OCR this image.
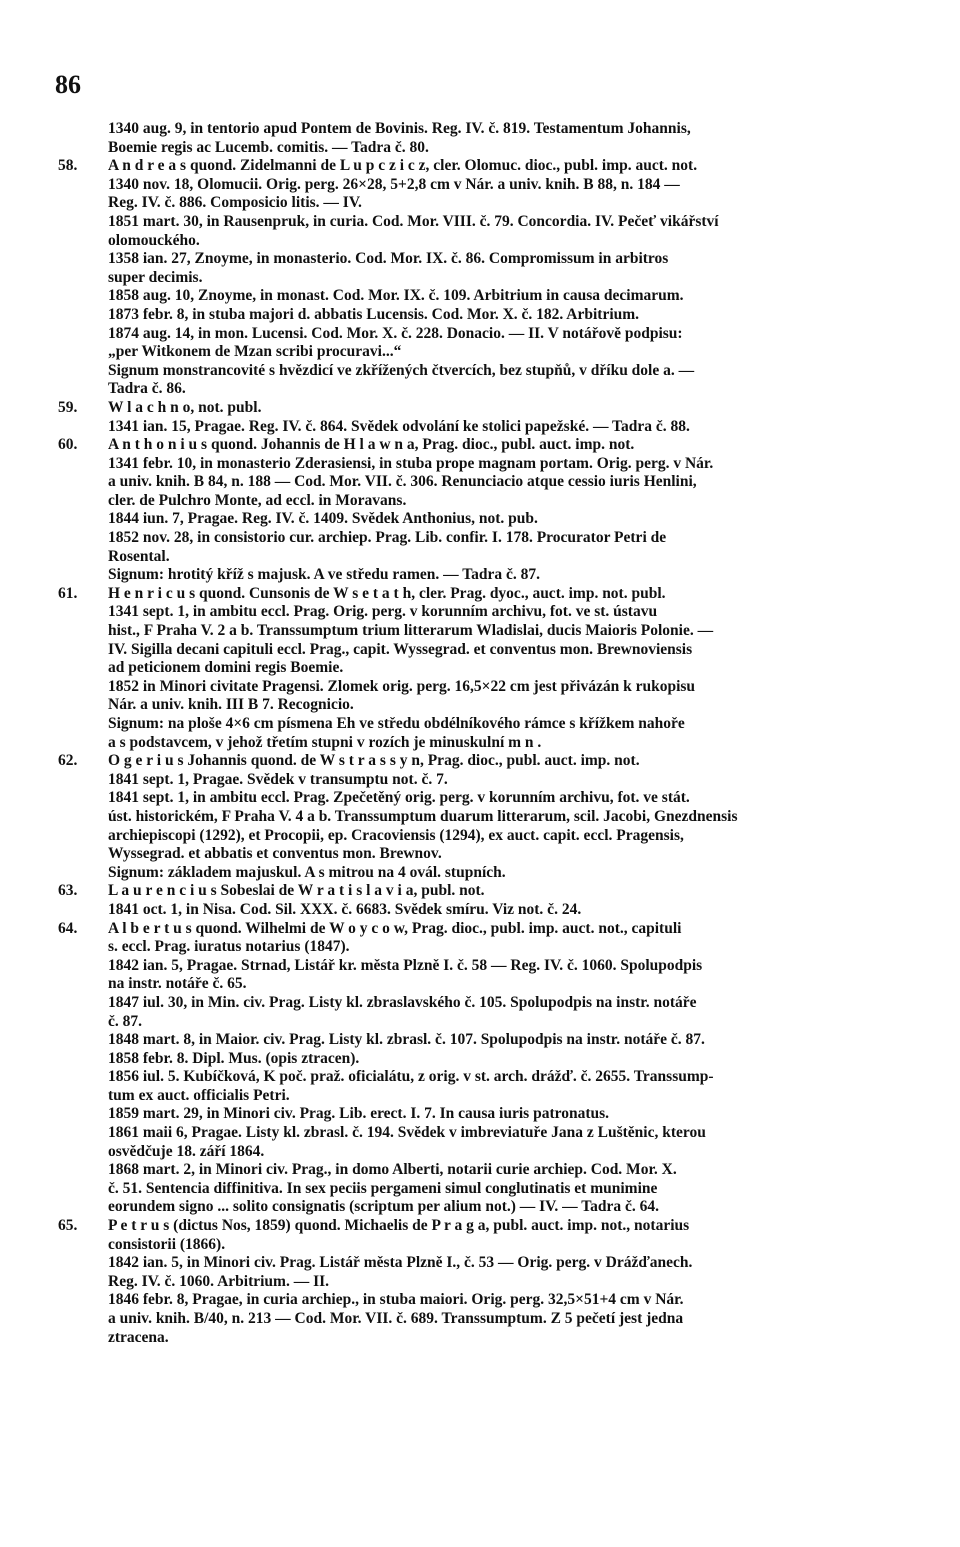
86
1340 aug. 9, in tentorio apud Pontem de Bovinis. Reg. IV. č. 819. Testamentum Johannis,
Boemie regis ac Lucemb. comitis. — Tadra č. 80.
58. A n d r e a s quond. Zidelmanni de L u p c z i c z, cler. Olomuc. dioc., publ. imp. auct. not.
1340 nov. 18, Olomucii. Orig. perg. 26×28, 5+2,8 cm v Nár. a univ. knih. B 88, n. 184 —
Reg. IV. č. 886. Composicio litis. — IV.
1851 mart. 30, in Rausenpruk, in curia. Cod. Mor. VIII. č. 79. Concordia. IV. Pečeť vikářství
olomouckého.
1358 ian. 27, Znoyme, in monasterio. Cod. Mor. IX. č. 86. Compromissum in arbitros
super decimis.
1858 aug. 10, Znoyme, in monast. Cod. Mor. IX. č. 109. Arbitrium in causa decimarum.
1873 febr. 8, in stuba majori d. abbatis Lucensis. Cod. Mor. X. č. 182. Arbitrium.
1874 aug. 14, in mon. Lucensi. Cod. Mor. X. č. 228. Donacio. — II. V notářově podpisu:
„per Witkonem de Mzan scribi procuravi...“
Signum monstrancovité s hvězdicí ve zkřížených čtvercích, bez stupňů, v dříku dole a. —
Tadra č. 86.
59. W l a c h n o, not. publ.
1341 ian. 15, Pragae. Reg. IV. č. 864. Svědek odvolání ke stolici papežské. — Tadra č. 88.
60. A n t h o n i u s quond. Johannis de H l a w n a, Prag. dioc., publ. auct. imp. not.
1341 febr. 10, in monasterio Zderasiensi, in stuba prope magnam portam. Orig. perg. v Nár.
a univ. knih. B 84, n. 188 — Cod. Mor. VII. č. 306. Renunciacio atque cessio iuris Henlini,
cler. de Pulchro Monte, ad eccl. in Moravans.
1844 iun. 7, Pragae. Reg. IV. č. 1409. Svědek Anthonius, not. pub.
1852 nov. 28, in consistorio cur. archiep. Prag. Lib. confir. I. 178. Procurator Petri de
Rosental.
Signum: hrotitý kříž s majusk. A ve středu ramen. — Tadra č. 87.
61. H e n r i c u s quond. Cunsonis de W s e t a t h, cler. Prag. dyoc., auct. imp. not. publ.
1341 sept. 1, in ambitu eccl. Prag. Orig. perg. v korunním archivu, fot. ve st. ústavu
hist., F Praha V. 2 a b. Transsumptum trium litterarum Wladislai, ducis Maioris Polonie. —
IV. Sigilla decani capituli eccl. Prag., capit. Wyssegrad. et conventus mon. Brewnoviensis
ad peticionem domini regis Boemie.
1852 in Minori civitate Pragensi. Zlomek orig. perg. 16,5×22 cm jest přivázán k rukopisu
Nár. a univ. knih. III B 7. Recognicio.
Signum: na ploše 4×6 cm písmena Eh ve středu obdélníkového rámce s křížkem nahoře
a s podstavcem, v jehož třetím stupni v rozích je minuskulní m n .
62. O g e r i u s Johannis quond. de W s t r a s s y n, Prag. dioc., publ. auct. imp. not.
1841 sept. 1, Pragae. Svědek v transumptu not. č. 7.
1841 sept. 1, in ambitu eccl. Prag. Zpečetěný orig. perg. v korunním archivu, fot. ve stát.
úst. historickém, F Praha V. 4 a b. Transsumptum duarum litterarum, scil. Jacobi, Gnezdnensis
archiepiscopi (1292), et Procopii, ep. Cracoviensis (1294), ex auct. capit. eccl. Pragensis,
Wyssegrad. et abbatis et conventus mon. Brewnov.
Signum: základem majuskul. A s mitrou na 4 ovál. stupních.
63. L a u r e n c i u s Sobeslai de W r a t i s l a v i a, publ. not.
1841 oct. 1, in Nisa. Cod. Sil. XXX. č. 6683. Svědek smíru. Viz not. č. 24.
64. A l b e r t u s quond. Wilhelmi de W o y c o w, Prag. dioc., publ. imp. auct. not., capituli
s. eccl. Prag. iuratus notarius (1847).
1842 ian. 5, Pragae. Strnad, Listář kr. města Plzně I. č. 58 — Reg. IV. č. 1060. Spolupodpis
na instr. notáře č. 65.
1847 iul. 30, in Min. civ. Prag. Listy kl. zbraslavského č. 105. Spolupodpis na instr. notáře
č. 87.
1848 mart. 8, in Maior. civ. Prag. Listy kl. zbrasl. č. 107. Spolupodpis na instr. notáře č. 87.
1858 febr. 8. Dipl. Mus. (opis ztracen).
1856 iul. 5. Kubíčková, K poč. praž. oficialátu, z orig. v st. arch. drážď. č. 2655. Transsump-
tum ex auct. officialis Petri.
1859 mart. 29, in Minori civ. Prag. Lib. erect. I. 7. In causa iuris patronatus.
1861 maii 6, Pragae. Listy kl. zbrasl. č. 194. Svědek v imbreviatuře Jana z Luštěnic, kterou
osvědčuje 18. září 1864.
1868 mart. 2, in Minori civ. Prag., in domo Alberti, notarii curie archiep. Cod. Mor. X.
č. 51. Sentencia diffinitiva. In sex peciis pergameni simul conglutinatis et munimine
eorundem signo ... solito consignatis (scriptum per alium not.) — IV. — Tadra č. 64.
65. P e t r u s (dictus Nos, 1859) quond. Michaelis de P r a g a, publ. auct. imp. not., notarius
consistorii (1866).
1842 ian. 5, in Minori civ. Prag. Listář města Plzně I., č. 53 — Orig. perg. v Drážďanech.
Reg. IV. č. 1060. Arbitrium. — II.
1846 febr. 8, Pragae, in curia archiep., in stuba maiori. Orig. perg. 32,5×51+4 cm v Nár.
a univ. knih. B/40, n. 213 — Cod. Mor. VII. č. 689. Transsumptum. Z 5 pečetí jest jedna
ztracena.
